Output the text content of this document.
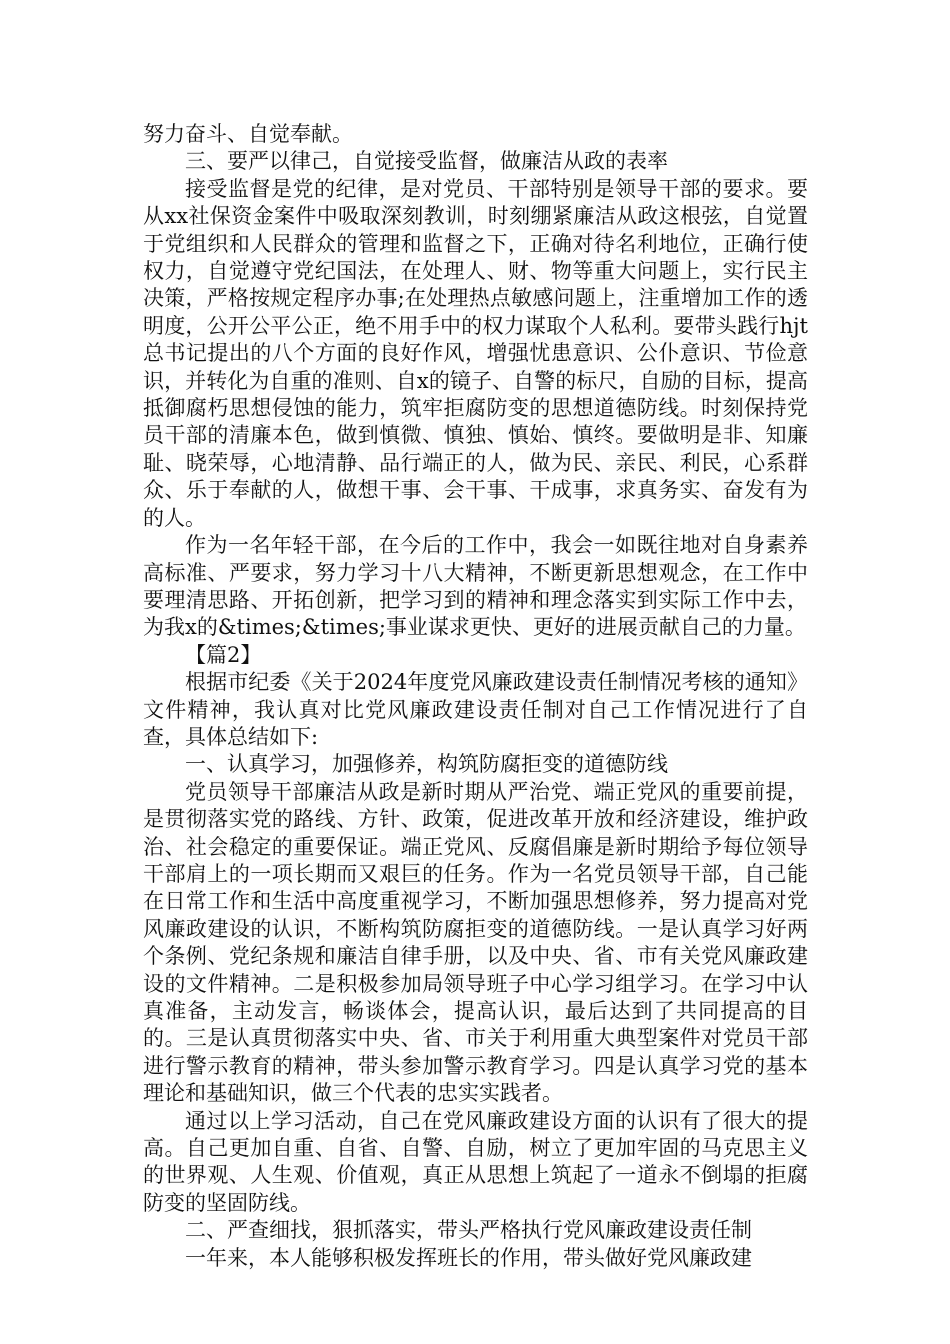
努力奋斗、自觉奉献。

三、要严以律己，自觉接受监督，做廉洁从政的表率

接受监督是党的纪律，是对党员、干部特别是领导干部的要求。要从xx社保资金案件中吸取深刻教训，时刻绷紧廉洁从政这根弦，自觉置于党组织和人民群众的管理和监督之下，正确对待名利地位，正确行使权力，自觉遵守党纪国法，在处理人、财、物等重大问题上，实行民主决策，严格按规定程序办事;在处理热点敏感问题上，注重增加工作的透明度，公开公平公正，绝不用手中的权力谋取个人私利。要带头践行hjt总书记提出的八个方面的良好作风，增强忧患意识、公仆意识、节俭意识，并转化为自重的准则、自x的镜子、自警的标尺，自励的目标，提高抵御腐朽思想侵蚀的能力，筑牢拒腐防变的思想道德防线。时刻保持党员干部的清廉本色，做到慎微、慎独、慎始、慎终。要做明是非、知廉耻、晓荣辱，心地清静、品行端正的人，做为民、亲民、利民，心系群众、乐于奉献的人，做想干事、会干事、干成事，求真务实、奋发有为的人。

作为一名年轻干部，在今后的工作中，我会一如既往地对自身素养高标准、严要求，努力学习十八大精神，不断更新思想观念，在工作中要理清思路、开拓创新，把学习到的精神和理念落实到实际工作中去，为我x的&times;&times;事业谋求更快、更好的进展贡献自己的力量。

【篇2】

根据市纪委《关于2024年度党风廉政建设责任制情况考核的通知》文件精神，我认真对比党风廉政建设责任制对自己工作情况进行了自查，具体总结如下:

一、认真学习，加强修养，构筑防腐拒变的道德防线

党员领导干部廉洁从政是新时期从严治党、端正党风的重要前提，是贯彻落实党的路线、方针、政策，促进改革开放和经济建设，维护政治、社会稳定的重要保证。端正党风、反腐倡廉是新时期给予每位领导干部肩上的一项长期而又艰巨的任务。作为一名党员领导干部，自己能在日常工作和生活中高度重视学习，不断加强思想修养，努力提高对党风廉政建设的认识，不断构筑防腐拒变的道德防线。一是认真学习好两个条例、党纪条规和廉洁自律手册，以及中央、省、市有关党风廉政建设的文件精神。二是积极参加局领导班子中心学习组学习。在学习中认真准备，主动发言，畅谈体会，提高认识，最后达到了共同提高的目的。三是认真贯彻落实中央、省、市关于利用重大典型案件对党员干部进行警示教育的精神，带头参加警示教育学习。四是认真学习党的基本理论和基础知识，做三个代表的忠实实践者。

通过以上学习活动，自己在党风廉政建设方面的认识有了很大的提高。自己更加自重、自省、自警、自励，树立了更加牢固的马克思主义的世界观、人生观、价值观，真正从思想上筑起了一道永不倒塌的拒腐防变的坚固防线。

二、严查细找，狠抓落实，带头严格执行党风廉政建设责任制

一年来，本人能够积极发挥班长的作用，带头做好党风廉政建
